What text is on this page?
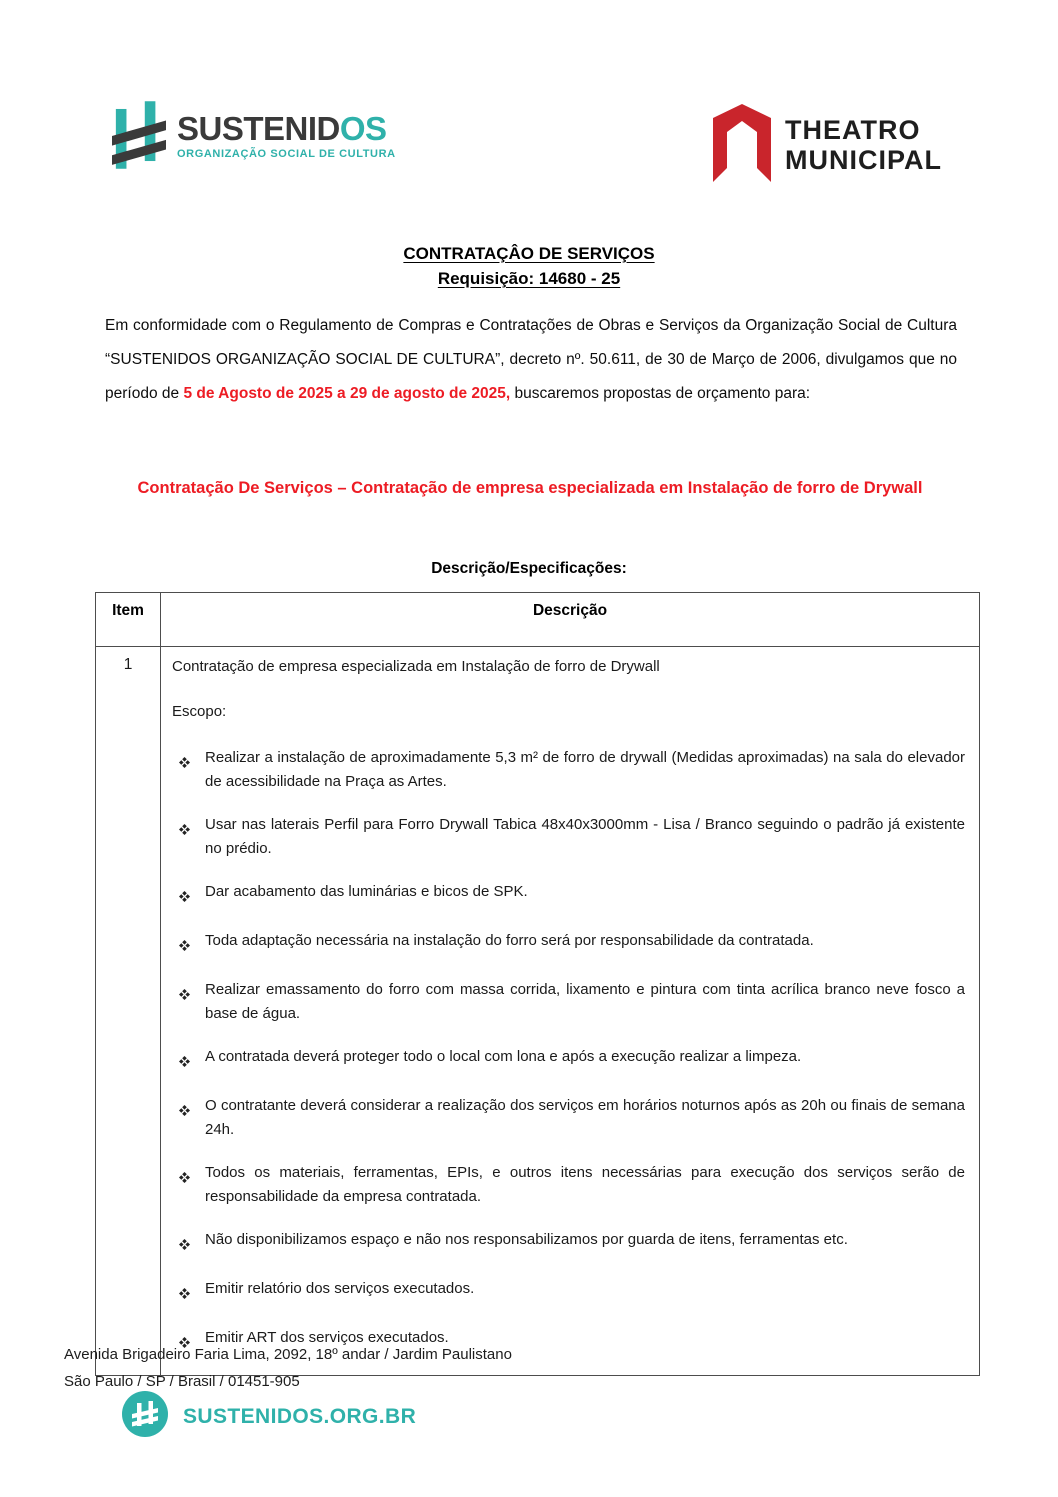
SUSTENIDOS
ORGANIZAÇÃO SOCIAL DE CULTURA
THEATRO
MUNICIPAL
CONTRATAÇÂO DE SERVIÇOS
Requisição: 14680 - 25

Em conformidade com o Regulamento de Compras e Contratações de Obras e Serviços da Organização Social de Cultura “SUSTENIDOS ORGANIZAÇÃO SOCIAL DE CULTURA”, decreto nº. 50.611, de 30 de Março de 2006, divulgamos que no período de 5 de Agosto de 2025 a 29 de agosto de 2025, buscaremos propostas de orçamento para:

Contratação De Serviços – Contratação de empresa especializada em Instalação de forro de Drywall
Descrição/Especificações:
Item	Descrição
1	Contratação de empresa especializada em Instalação de forro de Drywall
Escopo:
Realizar a instalação de aproximadamente 5,3 m² de forro de drywall (Medidas aproximadas) na sala do elevador de acessibilidade na Praça as Artes.
Usar nas laterais Perfil para Forro Drywall Tabica 48x40x3000mm - Lisa / Branco seguindo o padrão já existente no prédio.
Dar acabamento das luminárias e bicos de SPK.
Toda adaptação necessária na instalação do forro será por responsabilidade da contratada.
Realizar emassamento do forro com massa corrida, lixamento e pintura com tinta acrílica branco neve fosco a base de água.
A contratada deverá proteger todo o local com lona e após a execução realizar a limpeza.
O contratante deverá considerar a realização dos serviços em horários noturnos após as 20h ou finais de semana 24h.
Todos os materiais, ferramentas, EPIs, e outros itens necessárias para execução dos serviços serão de responsabilidade da empresa contratada.
Não disponibilizamos espaço e não nos responsabilizamos por guarda de itens, ferramentas etc.
Emitir relatório dos serviços executados.
Emitir ART dos serviços executados.
Avenida Brigadeiro Faria Lima, 2092, 18º andar / Jardim Paulistano
São Paulo / SP / Brasil / 01451-905
SUSTENIDOS.ORG.BR
